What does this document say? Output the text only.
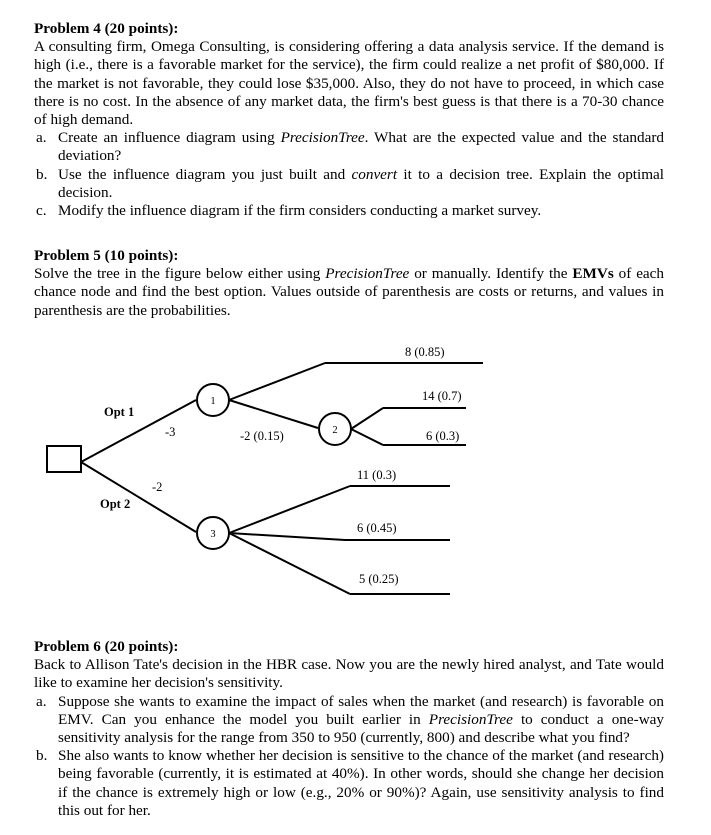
Problem 4 (20 points):

A consulting firm, Omega Consulting, is considering offering a data analysis service. If the demand is high (i.e., there is a favorable market for the service), the firm could realize a net profit of $80,000. If the market is not favorable, they could lose $35,000. Also, they do not have to proceed, in which case there is no cost. In the absence of any market data, the firm's best guess is that there is a 70-30 chance of high demand.

a. Create an influence diagram using PrecisionTree. What are the expected value and the standard deviation?
b. Use the influence diagram you just built and convert it to a decision tree. Explain the optimal decision.
c. Modify the influence diagram if the firm considers conducting a market survey.

Problem 5 (10 points):

Solve the tree in the figure below either using PrecisionTree or manually. Identify the EMVs of each chance node and find the best option. Values outside of parenthesis are costs or returns, and values in parenthesis are the probabilities.

Opt 1
Opt 2
-3
-2
1
8 (0.85)
-2 (0.15)	2
14 (0.7)
6 (0.3)
3
11 (0.3)
6 (0.45)
5 (0.25)

Problem 6 (20 points):

Back to Allison Tate's decision in the HBR case. Now you are the newly hired analyst, and Tate would like to examine her decision's sensitivity.

a. Suppose she wants to examine the impact of sales when the market (and research) is favorable on EMV. Can you enhance the model you built earlier in PrecisionTree to conduct a one-way sensitivity analysis for the range from 350 to 950 (currently, 800) and describe what you find?
b. She also wants to know whether her decision is sensitive to the chance of the market (and research) being favorable (currently, it is estimated at 40%). In other words, should she change her decision if the chance is extremely high or low (e.g., 20% or 90%)? Again, use sensitivity analysis to find this out for her.
